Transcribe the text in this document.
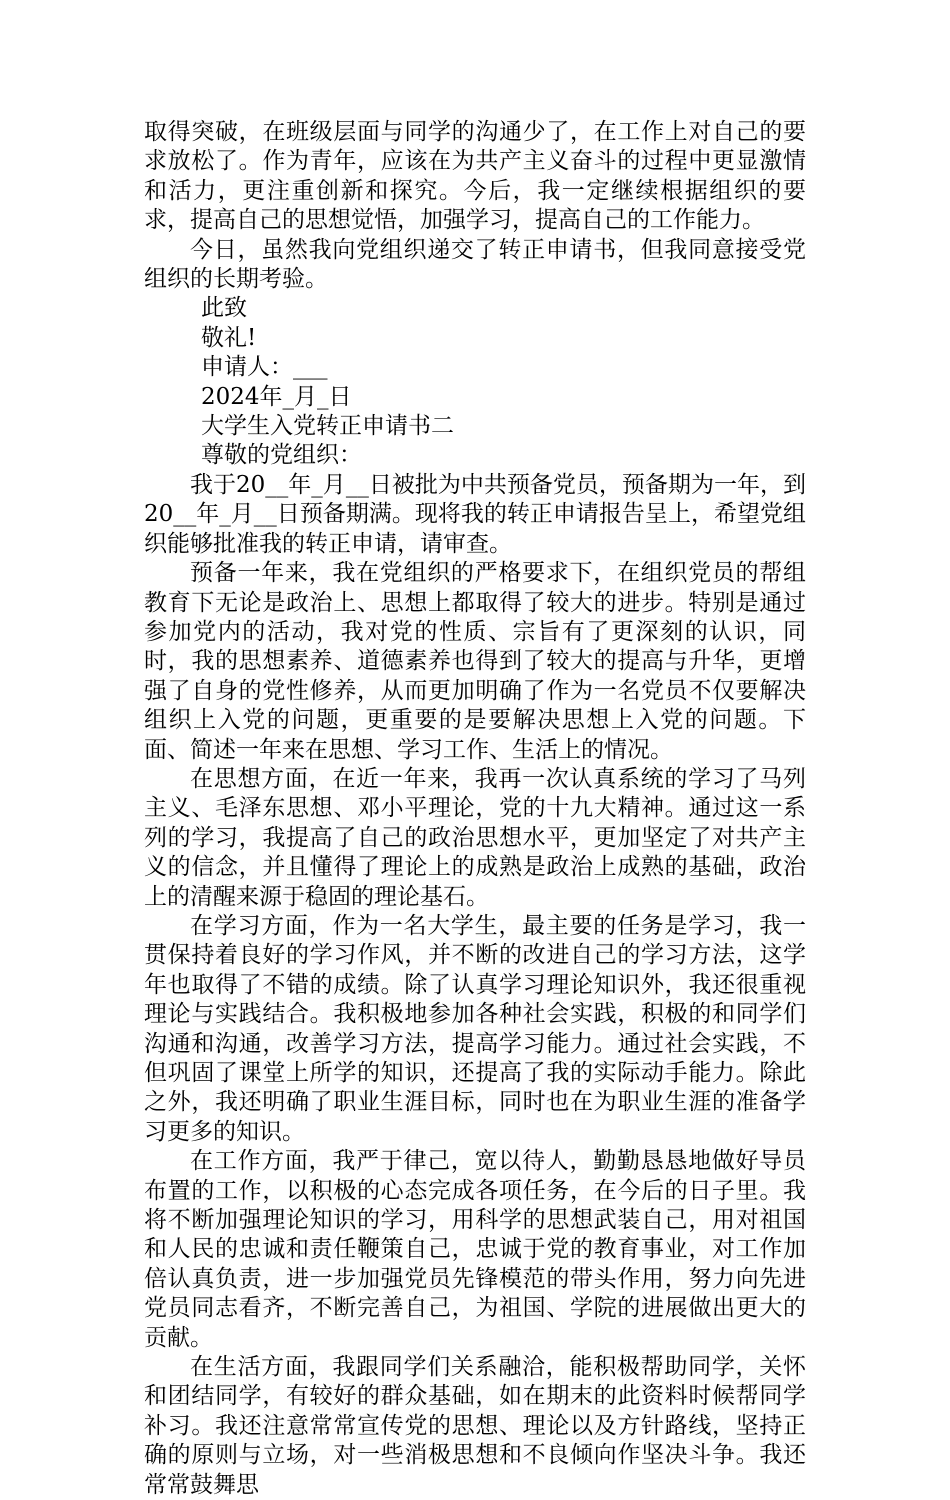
取得突破，在班级层面与同学的沟通少了，在工作上对自己的要求放松了。作为青年，应该在为共产主义奋斗的过程中更显激情和活力，更注重创新和探究。今后，我一定继续根据组织的要求，提高自己的思想觉悟，加强学习，提高自己的工作能力。

今日，虽然我向党组织递交了转正申请书，但我同意接受党组织的长期考验。

此致

敬礼!

申请人：___

2024年_月_日

大学生入党转正申请书二

尊敬的党组织：

我于20__年_月__日被批为中共预备党员，预备期为一年，到20__年_月__日预备期满。现将我的转正申请报告呈上，希望党组织能够批准我的转正申请，请审查。

预备一年来，我在党组织的严格要求下，在组织党员的帮组教育下无论是政治上、思想上都取得了较大的进步。特别是通过参加党内的活动，我对党的性质、宗旨有了更深刻的认识，同时，我的思想素养、道德素养也得到了较大的提高与升华，更增强了自身的党性修养，从而更加明确了作为一名党员不仅要解决组织上入党的问题，更重要的是要解决思想上入党的问题。下面、简述一年来在思想、学习工作、生活上的情况。

在思想方面，在近一年来，我再一次认真系统的学习了马列主义、毛泽东思想、邓小平理论，党的十九大精神。通过这一系列的学习，我提高了自己的政治思想水平，更加坚定了对共产主义的信念，并且懂得了理论上的成熟是政治上成熟的基础，政治上的清醒来源于稳固的理论基石。

在学习方面，作为一名大学生，最主要的任务是学习，我一贯保持着良好的学习作风，并不断的改进自己的学习方法，这学年也取得了不错的成绩。除了认真学习理论知识外，我还很重视理论与实践结合。我积极地参加各种社会实践，积极的和同学们沟通和沟通，改善学习方法，提高学习能力。通过社会实践，不但巩固了课堂上所学的知识，还提高了我的实际动手能力。除此之外，我还明确了职业生涯目标，同时也在为职业生涯的准备学习更多的知识。

在工作方面，我严于律己，宽以待人，勤勤恳恳地做好导员布置的工作，以积极的心态完成各项任务，在今后的日子里。我将不断加强理论知识的学习，用科学的思想武装自己，用对祖国和人民的忠诚和责任鞭策自己，忠诚于党的教育事业，对工作加倍认真负责，进一步加强党员先锋模范的带头作用，努力向先进党员同志看齐，不断完善自己，为祖国、学院的进展做出更大的贡献。

在生活方面，我跟同学们关系融洽，能积极帮助同学，关怀和团结同学，有较好的群众基础，如在期末的此资料时候帮同学补习。我还注意常常宣传党的思想、理论以及方针路线，坚持正确的原则与立场，对一些消极思想和不良倾向作坚决斗争。我还常常鼓舞思
